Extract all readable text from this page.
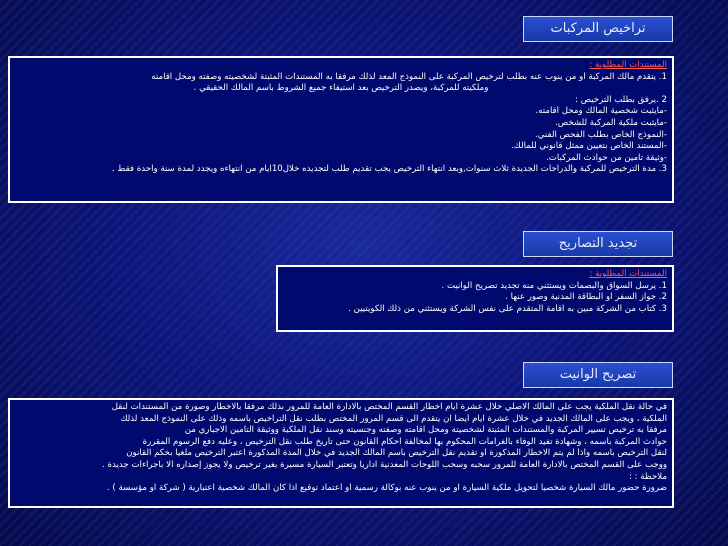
تراخيص المركبات
المستندات المطلوبة :
1. يتقدم مالك المركبة او من ينوب عنه بطلب لترخيص المركبة على النموذج المعد لذلك مرفقا به المستندات المثبتة لشخصيته وصفته ومحل اقامته
وملكيته للمركبة، ويصدر الترخيص بعد استيفاء جميع الشروط باسم المالك الحقيقي .
2 .يرفق بطلب الترخيص :
-مايثبت شخصية المالك ومحل اقامته.
-مايثبت ملكية المركبة للشخص.
-النموذج الخاص بطلب الفحص الفني.
-المستند الخاص بتعيين ممثل قانوني للمالك.
-وثيقة تأمين من حوادث المركبات.
3. مدة الترخيص للمركبة والدراجات الجديدة ثلاث سنوات,وبعد انتهاء الترخيص يجب تقديم طلب لتجديده خلال10ايام من انتهاءه ويجدد لمدة سنة واحدة فقط .
تجديد التصاريح
المستندات المطلوبة :
1. يرسل السواق والبصمات ويستثني منه تجديد تصريح الوانيت .
2. جواز السفر او البطاقة المدنية وصور عنها .
3. كتاب من الشركة مبين به اقامة المتقدم على نفس الشركة ويستثني من ذلك الكويتيين .
تصريح الوانيت
في حالة نقل الملكية يجب على المالك الاصلي خلال عشرة ايام اخطار القسم المختص بالادارة العامة للمرور بذلك مرفقا بالاخطار وصورة من المستندات لنقل
الملكية ، ويجب على المالك الجديد في خلال عشرة ايام ايضا ان يتقدم الى قسم المرور المختص بطلب نقل التراخيص باسمه وذلك على النموذج المعد لذلك
مرفقا به ترخيص تسيير المركبة والمستندات المثبتة لشخصيته ومحل اقامته وصفته وجنسيته وسند نقل الملكية ووثيقة التأمين الاجباري من
حوادث المركبة باسمه ، وشهادة تفيد الوفاء بالغرامات المحكوم بها لمخالفة احكام القانون حتى تاريخ طلب نقل الترخيص ، وعليه دفع الرسوم المقررة
لنقل الترخيص باسمه واذا لم يتم الاخطار المذكورة او تقديم نقل الترخيص باسم المالك الجديد في خلال المدة المذكورة اعتبر الترخيص ملغيا بحكم القانون
ووجب على القسم المختص بالادارة العامة للمرور سحبه وسحب اللوحات المعدنية اداريا وتعتبر السيارة مسيرة بغير ترخيص ولا يجوز إصداره الا باجراءات جديدة .
ملاحظة : :
ضرورة حضور مالك السيارة شخصيا لتحويل ملكية السيارة او من ينوب عنه بوكالة رسمية او اعتماد توقيع اذا كان المالك شخصية اعتبارية ( شركة او مؤسسة ) .
